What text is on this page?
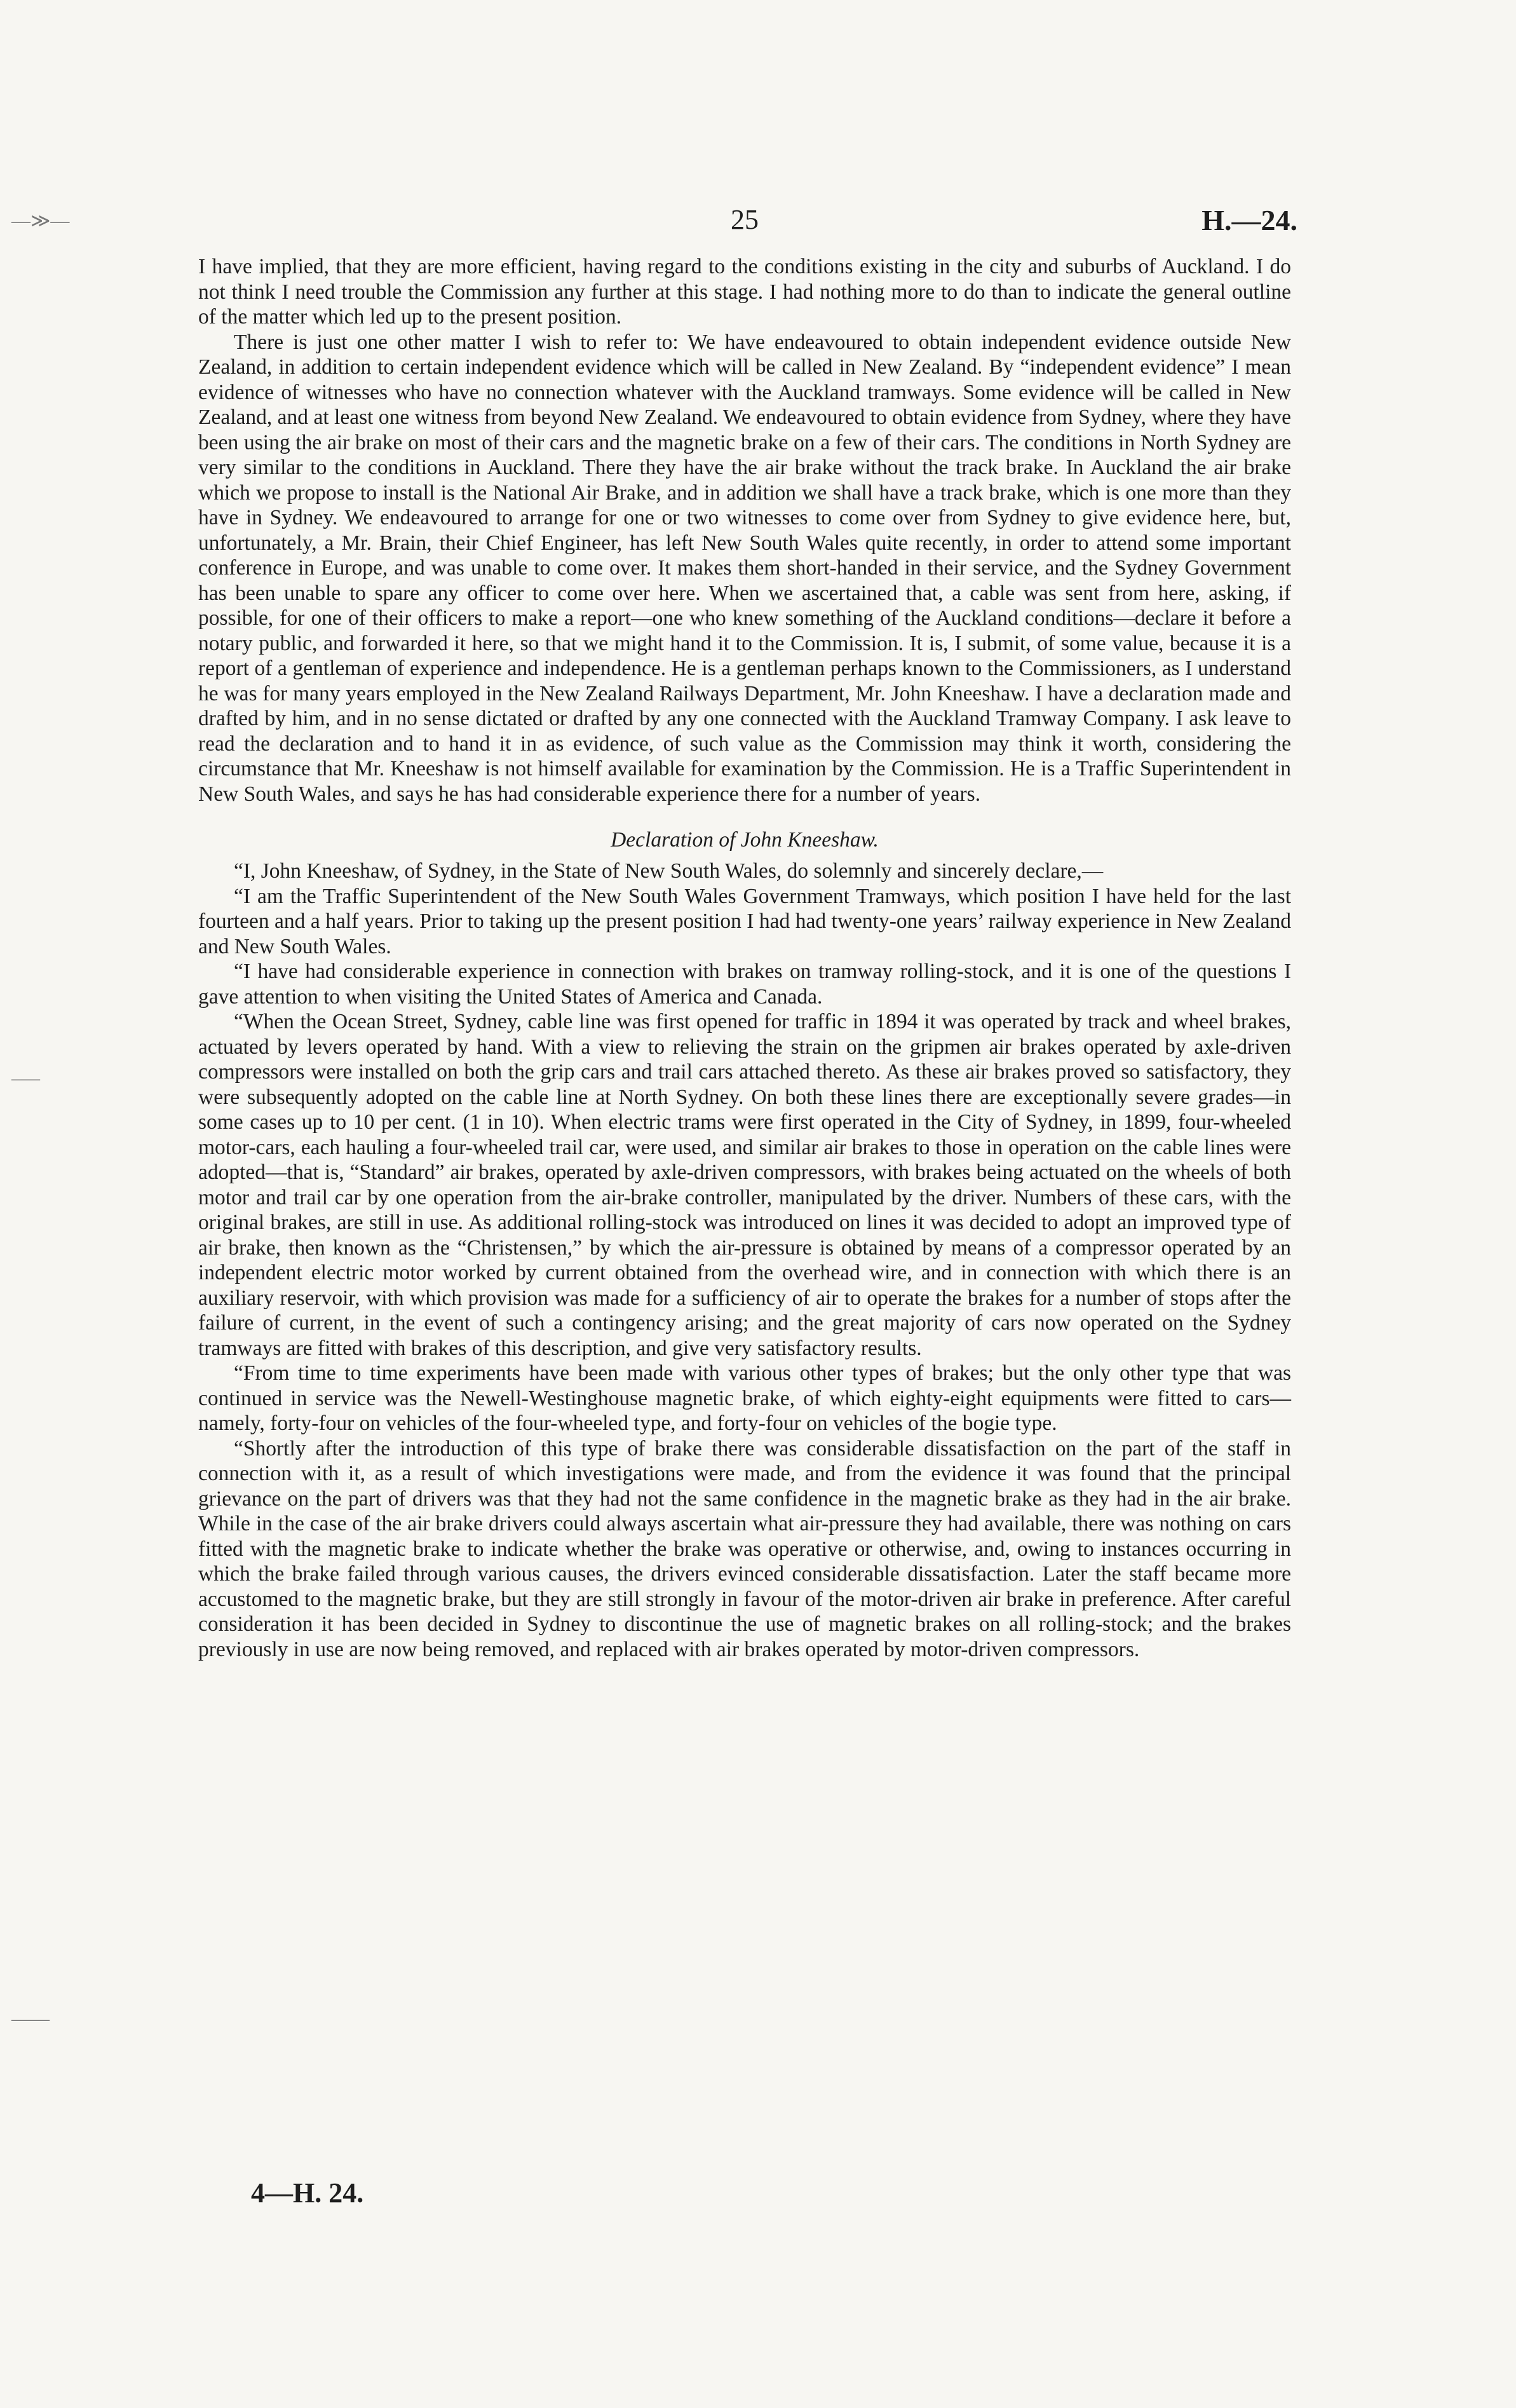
—≫—
–—
——
25	H.—24.

I have implied, that they are more efficient, having regard to the conditions existing in the city and suburbs of Auckland. I do not think I need trouble the Commission any further at this stage. I had nothing more to do than to indicate the general outline of the matter which led up to the present position.

There is just one other matter I wish to refer to: We have endeavoured to obtain independent evidence outside New Zealand, in addition to certain independent evidence which will be called in New Zealand. By “independent evidence” I mean evidence of witnesses who have no connection whatever with the Auckland tramways. Some evidence will be called in New Zealand, and at least one witness from beyond New Zealand. We endeavoured to obtain evidence from Sydney, where they have been using the air brake on most of their cars and the magnetic brake on a few of their cars. The conditions in North Sydney are very similar to the conditions in Auckland. There they have the air brake without the track brake. In Auckland the air brake which we propose to install is the National Air Brake, and in addition we shall have a track brake, which is one more than they have in Sydney. We endeavoured to arrange for one or two witnesses to come over from Sydney to give evidence here, but, unfortunately, a Mr. Brain, their Chief Engineer, has left New South Wales quite recently, in order to attend some important conference in Europe, and was unable to come over. It makes them short-handed in their service, and the Sydney Government has been unable to spare any officer to come over here. When we ascertained that, a cable was sent from here, asking, if possible, for one of their officers to make a report—one who knew something of the Auckland conditions—declare it before a notary public, and forwarded it here, so that we might hand it to the Commission. It is, I submit, of some value, because it is a report of a gentleman of experience and independence. He is a gentleman perhaps known to the Commissioners, as I understand he was for many years employed in the New Zealand Railways Department, Mr. John Kneeshaw. I have a declaration made and drafted by him, and in no sense dictated or drafted by any one connected with the Auckland Tramway Company. I ask leave to read the declaration and to hand it in as evidence, of such value as the Commission may think it worth, considering the circumstance that Mr. Kneeshaw is not himself available for examination by the Commission. He is a Traffic Superintendent in New South Wales, and says he has had considerable experience there for a number of years.

Declaration of John Kneeshaw.

“I, John Kneeshaw, of Sydney, in the State of New South Wales, do solemnly and sincerely declare,—

“I am the Traffic Superintendent of the New South Wales Government Tramways, which position I have held for the last fourteen and a half years. Prior to taking up the present position I had had twenty-one years’ railway experience in New Zealand and New South Wales.

“I have had considerable experience in connection with brakes on tramway rolling-stock, and it is one of the questions I gave attention to when visiting the United States of America and Canada.

“When the Ocean Street, Sydney, cable line was first opened for traffic in 1894 it was operated by track and wheel brakes, actuated by levers operated by hand. With a view to relieving the strain on the gripmen air brakes operated by axle-driven compressors were installed on both the grip cars and trail cars attached thereto. As these air brakes proved so satisfactory, they were subsequently adopted on the cable line at North Sydney. On both these lines there are exceptionally severe grades—in some cases up to 10 per cent. (1 in 10). When electric trams were first operated in the City of Sydney, in 1899, four-wheeled motor-cars, each hauling a four-wheeled trail car, were used, and similar air brakes to those in operation on the cable lines were adopted—that is, “Standard” air brakes, operated by axle-driven compressors, with brakes being actuated on the wheels of both motor and trail car by one operation from the air-brake controller, manipulated by the driver. Numbers of these cars, with the original brakes, are still in use. As additional rolling-stock was introduced on lines it was decided to adopt an improved type of air brake, then known as the “Christensen,” by which the air-pressure is obtained by means of a compressor operated by an independent electric motor worked by current obtained from the overhead wire, and in connection with which there is an auxiliary reservoir, with which provision was made for a sufficiency of air to operate the brakes for a number of stops after the failure of current, in the event of such a contingency arising; and the great majority of cars now operated on the Sydney tramways are fitted with brakes of this description, and give very satisfactory results.

“From time to time experiments have been made with various other types of brakes; but the only other type that was continued in service was the Newell-Westinghouse magnetic brake, of which eighty-eight equipments were fitted to cars—namely, forty-four on vehicles of the four-wheeled type, and forty-four on vehicles of the bogie type.

“Shortly after the introduction of this type of brake there was considerable dissatisfaction on the part of the staff in connection with it, as a result of which investigations were made, and from the evidence it was found that the principal grievance on the part of drivers was that they had not the same confidence in the magnetic brake as they had in the air brake. While in the case of the air brake drivers could always ascertain what air-pressure they had available, there was nothing on cars fitted with the magnetic brake to indicate whether the brake was operative or otherwise, and, owing to instances occurring in which the brake failed through various causes, the drivers evinced considerable dissatisfaction. Later the staff became more accustomed to the magnetic brake, but they are still strongly in favour of the motor-driven air brake in preference. After careful consideration it has been decided in Sydney to discontinue the use of magnetic brakes on all rolling-stock; and the brakes previously in use are now being removed, and replaced with air brakes operated by motor-driven compressors.

4—H. 24.
